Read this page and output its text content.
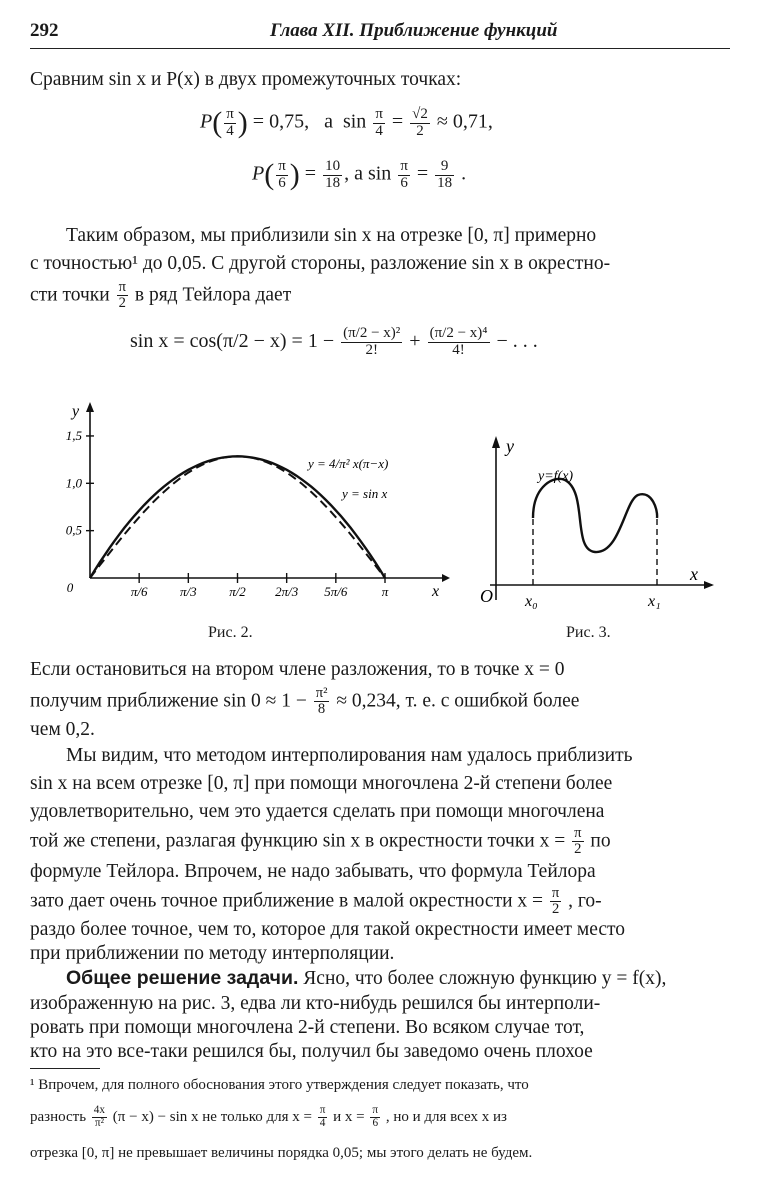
292	Глава XII. Приближение функций
Сравним sin x и P(x) в двух промежуточных точках:
$P( \frac{\pi}{4}$ ) = 0,75, а $\sin \frac{\pi}{4} = \frac{√2}{2} \approx 0,71$,
$P( \frac{\pi}{6}$ ) = $\frac{10}{18}$ , а $\sin \frac{\pi}{6} = \frac{9}{18}$ .
Таким образом, мы приблизили sin x на отрезке [0, π] примерно
с точностью¹ до 0,05. С другой стороны, разложение sin x в окрестно-
сти точки $\frac{\pi}{2}$ в ряд Тейлора дает
$\sin x = \cos(\pi/2 - x) = 1 - \frac{\text{(π/2 − x)²}}{2!} + \frac{\text{(π/2 − x)⁴}}{4!}$ − . . .
0	π/6	π/3	π/2 2π/3 5π/6	π
0,5
1,0
1,5
y = 4/π² x(π−x)
y = sin x
y
x
Рис. 2.
y
y=f(x)
x
O x₀	x₁
Рис. 3.
Если остановиться на втором члене разложения, то в точке x = 0
получим приближение $\sin 0 \approx 1 - \frac{\text{π²}}{8} \approx 0,234$, т. е. с ошибкой более
чем 0,2.
Мы видим, что методом интерполирования нам удалось приблизить
sin x на всем отрезке [0, π] при помощи многочлена 2-й степени более
удовлетворительно, чем это удается сделать при помощи многочлена
той же степени, разлагая функцию sin x в окрестности точки $x = \frac{\pi}{2}$ по
формуле Тейлора. Впрочем, не надо забывать, что формула Тейлора
зато дает очень точное приближение в малой окрестности $x = \frac{\pi}{2}$ , го-
раздо более точное, чем то, которое для такой окрестности имеет место
при приближении по методу интерполяции.
Общее решение задачи. Ясно, что более сложную функцию y = f(x),
изображенную на рис. 3, едва ли кто-нибудь решился бы интерполи-
ровать при помощи многочлена 2-й степени. Во всяком случае тот,
кто на это все-таки решился бы, получил бы заведомо очень плохое
¹ Впрочем, для полного обоснования этого утверждения следует показать, что
разность $\frac{4x}{\text{π²}} (\pi - x) - \sin x$ не только для $x = \frac{\pi}{4}$ и $x = \frac{\pi}{6}$ , но и для всех x из
отрезка [0, π] не превышает величины порядка 0,05; мы этого делать не будем.
